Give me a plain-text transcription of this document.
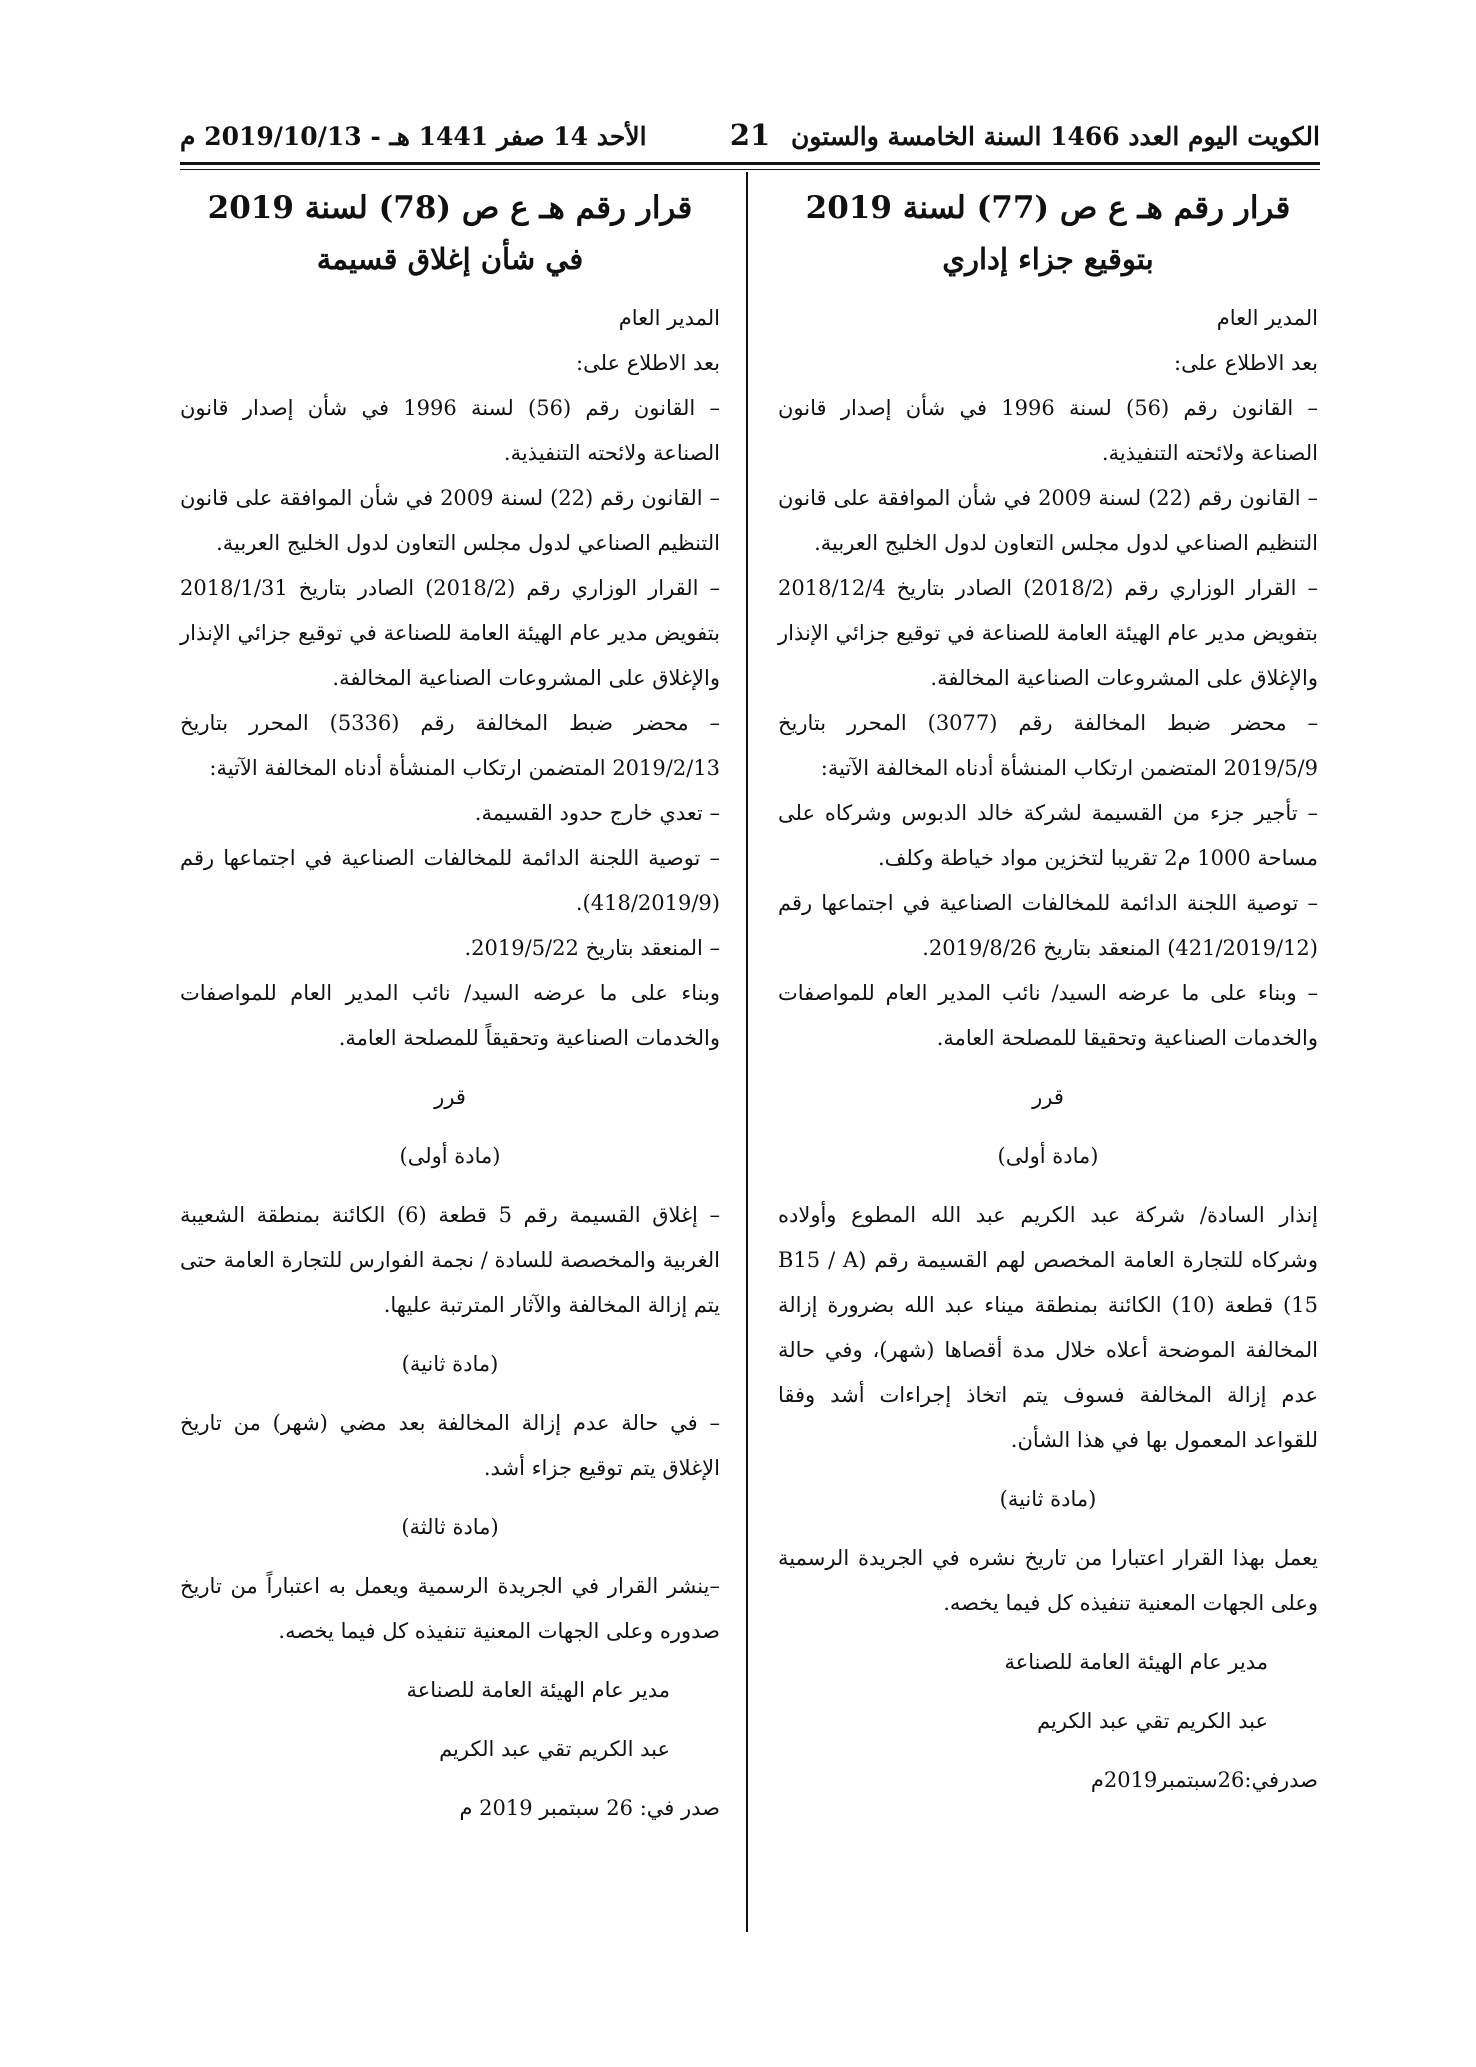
الكويت اليوم العدد 1466 السنة الخامسة والستون
21
الأحد 14 صفر 1441 هـ - 2019/10/13 م
قرار رقم هـ ع ص (77) لسنة 2019
بتوقيع جزاء إداري

المدير العام

بعد الاطلاع على:

– القانون رقم (56) لسنة 1996 في شأن إصدار قانون الصناعة ولائحته التنفيذية.

– القانون رقم (22) لسنة 2009 في شأن الموافقة على قانون التنظيم الصناعي لدول مجلس التعاون لدول الخليج العربية.

– القرار الوزاري رقم (2018/2) الصادر بتاريخ 2018/12/4 بتفويض مدير عام الهيئة العامة للصناعة في توقيع جزائي الإنذار والإغلاق على المشروعات الصناعية المخالفة.

– محضر ضبط المخالفة رقم (3077) المحرر بتاريخ 2019/5/9 المتضمن ارتكاب المنشأة أدناه المخالفة الآتية:

– تأجير جزء من القسيمة لشركة خالد الدبوس وشركاه على مساحة 1000 م2 تقريبا لتخزين مواد خياطة وكلف.

– توصية اللجنة الدائمة للمخالفات الصناعية في اجتماعها رقم (421/2019/12) المنعقد بتاريخ 2019/8/26.

– وبناء على ما عرضه السيد/ نائب المدير العام للمواصفات والخدمات الصناعية وتحقيقا للمصلحة العامة.

قرر

(مادة أولى)

إنذار السادة/ شركة عبد الكريم عبد الله المطوع وأولاده وشركاه للتجارة العامة المخصص لهم القسيمة رقم (B15 / A 15) قطعة (10) الكائنة بمنطقة ميناء عبد الله بضرورة إزالة المخالفة الموضحة أعلاه خلال مدة أقصاها (شهر)، وفي حالة عدم إزالة المخالفة فسوف يتم اتخاذ إجراءات أشد وفقا للقواعد المعمول بها في هذا الشأن.

(مادة ثانية)

يعمل بهذا القرار اعتبارا من تاريخ نشره في الجريدة الرسمية وعلى الجهات المعنية تنفيذه كل فيما يخصه.

مدير عام الهيئة العامة للصناعة

عبد الكريم تقي عبد الكريم

صدرفي:26سبتمبر2019م

قرار رقم هـ ع ص (78) لسنة 2019
في شأن إغلاق قسيمة

المدير العام

بعد الاطلاع على:

– القانون رقم (56) لسنة 1996 في شأن إصدار قانون الصناعة ولائحته التنفيذية.

– القانون رقم (22) لسنة 2009 في شأن الموافقة على قانون التنظيم الصناعي لدول مجلس التعاون لدول الخليج العربية.

– القرار الوزاري رقم (2018/2) الصادر بتاريخ 2018/1/31 بتفويض مدير عام الهيئة العامة للصناعة في توقيع جزائي الإنذار والإغلاق على المشروعات الصناعية المخالفة.

– محضر ضبط المخالفة رقم (5336) المحرر بتاريخ 2019/2/13 المتضمن ارتكاب المنشأة أدناه المخالفة الآتية:

– تعدي خارج حدود القسيمة.

– توصية اللجنة الدائمة للمخالفات الصناعية في اجتماعها رقم (418/2019/9).

– المنعقد بتاريخ 2019/5/22.

وبناء على ما عرضه السيد/ نائب المدير العام للمواصفات والخدمات الصناعية وتحقيقاً للمصلحة العامة.

قرر

(مادة أولى)

– إغلاق القسيمة رقم 5 قطعة (6) الكائنة بمنطقة الشعيبة الغربية والمخصصة للسادة / نجمة الفوارس للتجارة العامة حتى يتم إزالة المخالفة والآثار المترتبة عليها.

(مادة ثانية)

– في حالة عدم إزالة المخالفة بعد مضي (شهر) من تاريخ الإغلاق يتم توقيع جزاء أشد.

(مادة ثالثة)

–ينشر القرار في الجريدة الرسمية ويعمل به اعتباراً من تاريخ صدوره وعلى الجهات المعنية تنفيذه كل فيما يخصه.

مدير عام الهيئة العامة للصناعة

عبد الكريم تقي عبد الكريم

صدر في: 26 سبتمبر 2019 م
